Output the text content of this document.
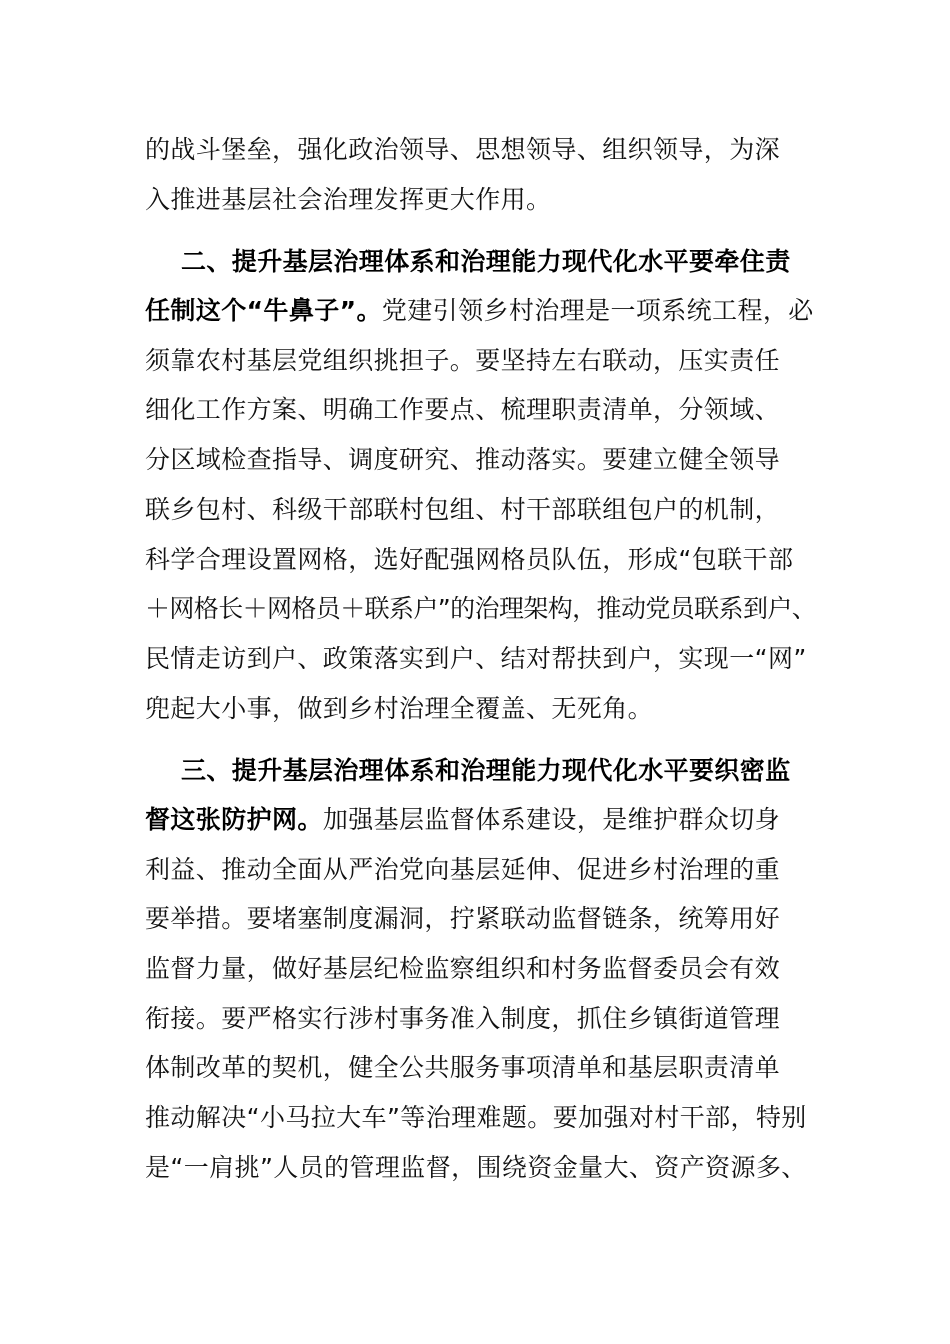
的战斗堡垒，强化政治领导、思想领导、组织领导，为深
入推进基层社会治理发挥更大作用。
二、提升基层治理体系和治理能力现代化水平要牵住责
任制这个“牛鼻子”。党建引领乡村治理是一项系统工程，必
须靠农村基层党组织挑担子。要坚持左右联动，压实责任
细化工作方案、明确工作要点、梳理职责清单，分领域、
分区域检查指导、调度研究、推动落实。要建立健全领导
联乡包村、科级干部联村包组、村干部联组包户的机制，
科学合理设置网格，选好配强网格员队伍，形成“包联干部
＋网格长＋网格员＋联系户”的治理架构，推动党员联系到户、
民情走访到户、政策落实到户、结对帮扶到户，实现一“网”
兜起大小事，做到乡村治理全覆盖、无死角。
三、提升基层治理体系和治理能力现代化水平要织密监
督这张防护网。加强基层监督体系建设，是维护群众切身
利益、推动全面从严治党向基层延伸、促进乡村治理的重
要举措。要堵塞制度漏洞，拧紧联动监督链条，统筹用好
监督力量，做好基层纪检监察组织和村务监督委员会有效
衔接。要严格实行涉村事务准入制度，抓住乡镇街道管理
体制改革的契机，健全公共服务事项清单和基层职责清单
推动解决“小马拉大车”等治理难题。要加强对村干部，特别
是“一肩挑”人员的管理监督，围绕资金量大、资产资源多、
